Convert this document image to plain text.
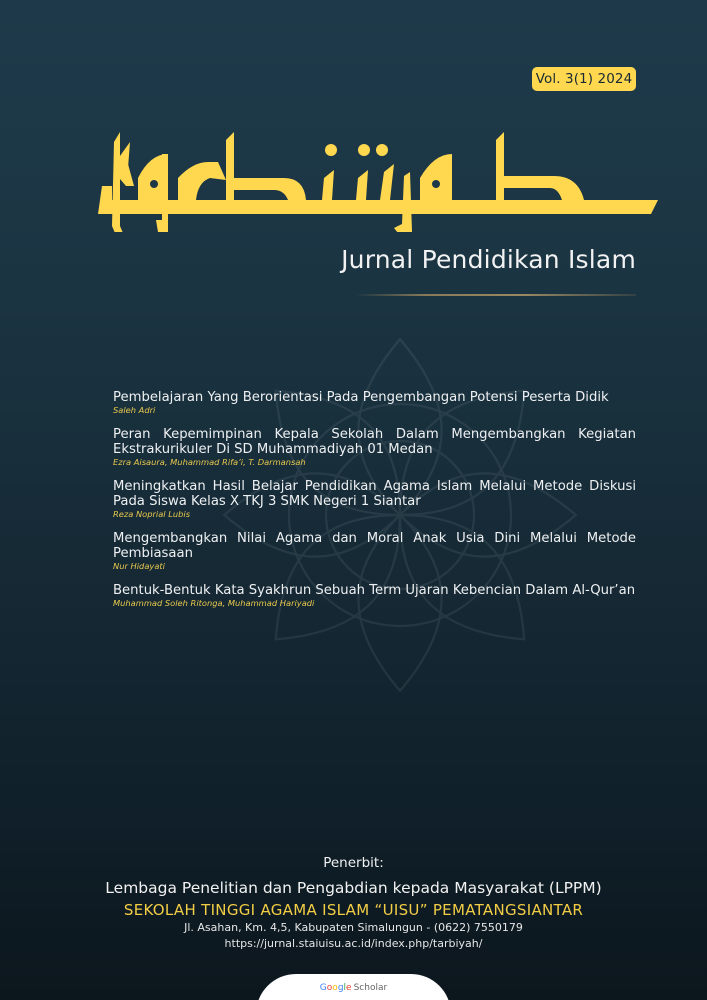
Vol. 3(1) 2024
Jurnal Pendidikan Islam
Pembelajaran Yang Berorientasi Pada Pengembangan Potensi Peserta Didik
Saleh Adri
Peran Kepemimpinan Kepala Sekolah Dalam Mengembangkan Kegiatan Ekstrakurikuler Di SD Muhammadiyah 01 Medan
Ezra Aisaura, Muhammad Rifa’i, T. Darmansah
Meningkatkan Hasil Belajar Pendidikan Agama Islam Melalui Metode Diskusi Pada Siswa Kelas X TKJ 3 SMK Negeri 1 Siantar
Reza Noprial Lubis
Mengembangkan Nilai Agama dan Moral Anak Usia Dini Melalui Metode Pembiasaan
Nur Hidayati
Bentuk-Bentuk Kata Syakhrun Sebuah Term Ujaran Kebencian Dalam Al-Qur’an
Muhammad Soleh Ritonga, Muhammad Hariyadi
Penerbit:
Lembaga Penelitian dan Pengabdian kepada Masyarakat (LPPM)
SEKOLAH TINGGI AGAMA ISLAM “UISU” PEMATANGSIANTAR
Jl. Asahan, Km. 4,5, Kabupaten Simalungun - (0622) 7550179
https://jurnal.staiuisu.ac.id/index.php/tarbiyah/
Google Scholar
